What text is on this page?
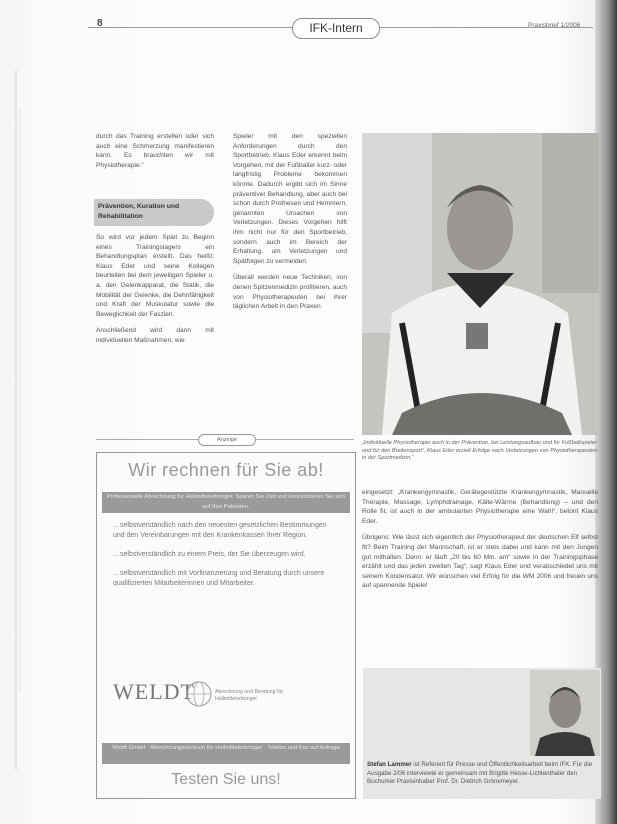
8	IFK-Intern	Praxisbrief 1/2006

durch das Training erstellen oder sich auch eine Schmerzung manifestieren kann. Es brauchten wir mit Physiotherapie.“

Prävention, Kuration und Rehabilitation

So wird vor jedem Spiel zu Beginn eines Trainingslagers ein Behandlungsplan erstellt. Das heißt: Klaus Eder und seine Kollegen beurteilen bei dem jeweiligen Spieler u. a. den Gelenkapparat, die Statik, die Mobilität der Gelenke, die Dehnfähigkeit und Kraft der Muskulatur sowie die Beweglichkeit der Faszien.

Anschließend wird dann mit individuellen Maßnahmen, wie

Spieler mit den speziellen Anforderungen durch den Sportbetrieb. Klaus Eder erkennt beim Vorgehen, mit der Fußballer kurz- oder langfristig Probleme bekommen könnte. Dadurch ergibt sich im Sinne präventiver Behandlung, aber auch bei schon durch Prothesen und Hemmern, genannten Ursachen von Verletzungen. Dieses Vorgehen hilft ihm nicht nur für den Sportbetrieb, sondern auch im Bereich der Erhaltung, um Verletzungen und Spätfolgen zu vermeiden.

Überall werden neue Techniken, von denen Spitzenmedizin profitieren, auch von Physiotherapeuten bei ihrer täglichen Arbeit in den Praxen

„Individuelle Physiotherapie auch in der Prävention, bei Leistungsaufbau und für Fußballspieler und für den Breitensport“, Klaus Eder erzielt Erfolge nach Verletzungen von Physiotherapeuten in der Sportmedizin.“

eingesetzt: „Krankengymnastik, Gerätegestützte Krankengymnastik, Manuelle Therapie, Massage, Lymphdrainage, Kälte-Wärme (Behandlung) – und den Rolle fit, ist auch in der ambulanten Physiotherapie eine Wahl“, betont Klaus Eder.

Übrigens: Wie lässt sich eigentlich der Physiotherapeut der deutschen Elf selbst fit? Beim Training der Mannschaft, ist er stets dabei und kann mit den Jungen gut mithalten. Denn: er läuft „20 bis 60 Min. am“ sowie in der Trainingsphase erzählt und das jeden zweiten Tag“, sagt Klaus Eder und verabschiedet uns mit seinem Kondensator. Wir wünschen viel Erfolg für die WM 2006 und freuen uns auf spannende Spiele!

Anzeige
Wir rechnen für Sie ab!
Professionelle Abrechnung für Heilmittelerbringer. Sparen Sie Zeit und konzentrieren Sie sich auf Ihre Patienten.

…selbstverständlich nach den neuesten gesetzlichen Bestimmungen und den Vereinbarungen mit den Krankenkassen Ihrer Region.

…selbstverständlich zu einem Preis, der Sie überzeugen wird.

…selbstverständlich mit Vorfinanzierung und Beratung durch unsere qualifizierten Mitarbeiterinnen und Mitarbeiter.

WELDT	Abrechnung und Beratung für Heilmittelerbringer
Weldt GmbH · Abrechnungszentrum für Heilmittelerbringer · Telefon und Fax auf Anfrage
Testen Sie uns!
Stefan Lammer ist Referent für Presse und Öffentlichkeitsarbeit beim IFK. Für die Ausgabe 2/06 interviewte er gemeinsam mit Brigitte Hesse-Lichtenthaler den Bochumer Praxisinhaber Prof. Dr. Dietrich Grönemeyer.
